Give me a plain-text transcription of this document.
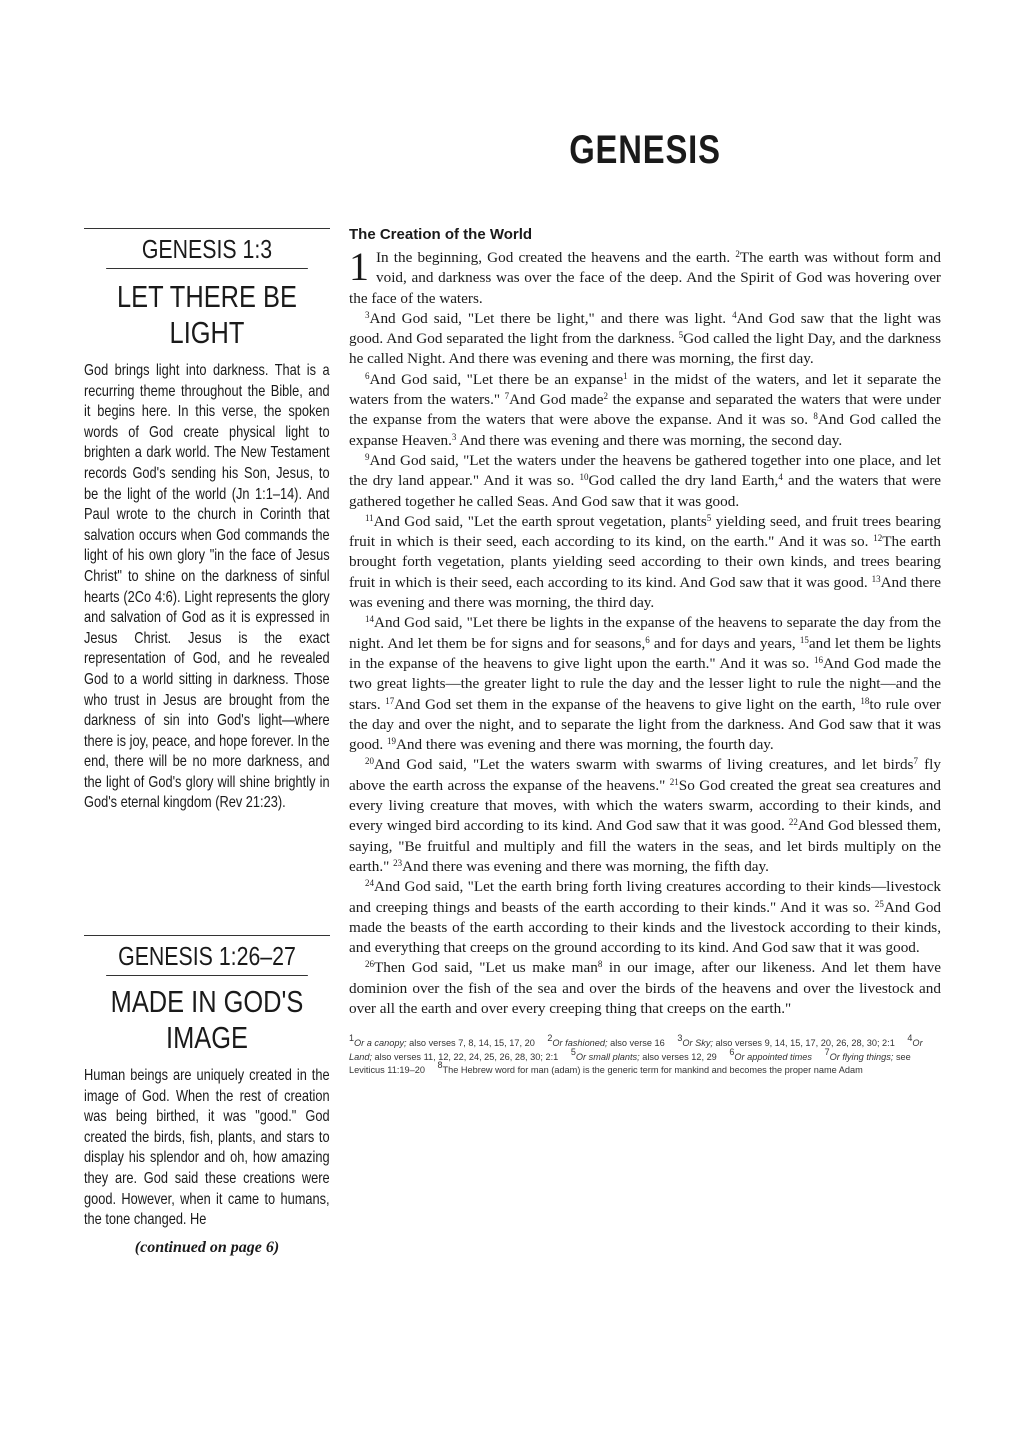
GENESIS
GENESIS 1:3
LET THERE BE LIGHT

God brings light into darkness. That is a recurring theme throughout the Bible, and it begins here. In this verse, the spoken words of God create physical light to brighten a dark world. The New Testament records God's sending his Son, Jesus, to be the light of the world (Jn 1:1–14). And Paul wrote to the church in Corinth that salvation occurs when God commands the light of his own glory "in the face of Jesus Christ" to shine on the darkness of sinful hearts (2Co 4:6). Light represents the glory and salvation of God as it is expressed in Jesus Christ. Jesus is the exact representation of God, and he revealed God to a world sitting in darkness. Those who trust in Jesus are brought from the darkness of sin into God's light—where there is joy, peace, and hope forever. In the end, there will be no more darkness, and the light of God's glory will shine brightly in God's eternal kingdom (Rev 21:23).

GENESIS 1:26–27
MADE IN GOD'S IMAGE

Human beings are uniquely created in the image of God. When the rest of creation was being birthed, it was "good." God created the birds, fish, plants, and stars to display his splendor and oh, how amazing they are. God said these creations were good. However, when it came to humans, the tone changed. He

(continued on page 6)
The Creation of the World

1 In the beginning, God created the heavens and the earth. $^2$The earth was without form and void, and darkness was over the face of the deep. And the Spirit of God was hovering over the face of the waters.

$^3$And God said, "Let there be light," and there was light. $^4$And God saw that the light was good. And God separated the light from the darkness. $^5$God called the light Day, and the darkness he called Night. And there was evening and there was morning, the first day.

$^6$And God said, "Let there be an expanse$^1$ in the midst of the waters, and let it separate the waters from the waters." $^7$And God made$^2$ the expanse and separated the waters that were under the expanse from the waters that were above the expanse. And it was so. $^8$And God called the expanse Heaven.$^3$ And there was evening and there was morning, the second day.

$^9$And God said, "Let the waters under the heavens be gathered together into one place, and let the dry land appear." And it was so. $^{10}$God called the dry land Earth,$^4$ and the waters that were gathered together he called Seas. And God saw that it was good.

$^{11}$And God said, "Let the earth sprout vegetation, plants$^5$ yielding seed, and fruit trees bearing fruit in which is their seed, each according to its kind, on the earth." And it was so. $^{12}$The earth brought forth vegetation, plants yielding seed according to their own kinds, and trees bearing fruit in which is their seed, each according to its kind. And God saw that it was good. $^{13}$And there was evening and there was morning, the third day.

$^{14}$And God said, "Let there be lights in the expanse of the heavens to separate the day from the night. And let them be for signs and for seasons,$^6$ and for days and years, $^{15}$and let them be lights in the expanse of the heavens to give light upon the earth." And it was so. $^{16}$And God made the two great lights—the greater light to rule the day and the lesser light to rule the night—and the stars. $^{17}$And God set them in the expanse of the heavens to give light on the earth, $^{18}$to rule over the day and over the night, and to separate the light from the darkness. And God saw that it was good. $^{19}$And there was evening and there was morning, the fourth day.

$^{20}$And God said, "Let the waters swarm with swarms of living creatures, and let birds$^7$ fly above the earth across the expanse of the heavens." $^{21}$So God created the great sea creatures and every living creature that moves, with which the waters swarm, according to their kinds, and every winged bird according to its kind. And God saw that it was good. $^{22}$And God blessed them, saying, "Be fruitful and multiply and fill the waters in the seas, and let birds multiply on the earth." $^{23}$And there was evening and there was morning, the fifth day.

$^{24}$And God said, "Let the earth bring forth living creatures according to their kinds—livestock and creeping things and beasts of the earth according to their kinds." And it was so. $^{25}$And God made the beasts of the earth according to their kinds and the livestock according to their kinds, and everything that creeps on the ground according to its kind. And God saw that it was good.

$^{26}$Then God said, "Let us make man$^8$ in our image, after our likeness. And let them have dominion over the fish of the sea and over the birds of the heavens and over the livestock and over all the earth and over every creeping thing that creeps on the earth."

$^1$Or a canopy; also verses 7, 8, 14, 15, 17, 20 $^2$Or fashioned; also verse 16 $^3$Or Sky; also verses 9, 14, 15, 17, 20, 26, 28, 30; 2:1 $^4$Or Land; also verses 11, 12, 22, 24, 25, 26, 28, 30; 2:1 $^5$Or small plants; also verses 12, 29 $^6$Or appointed times $^7$Or flying things; see Leviticus 11:19–20 $^8$The Hebrew word for man (adam) is the generic term for mankind and becomes the proper name Adam
